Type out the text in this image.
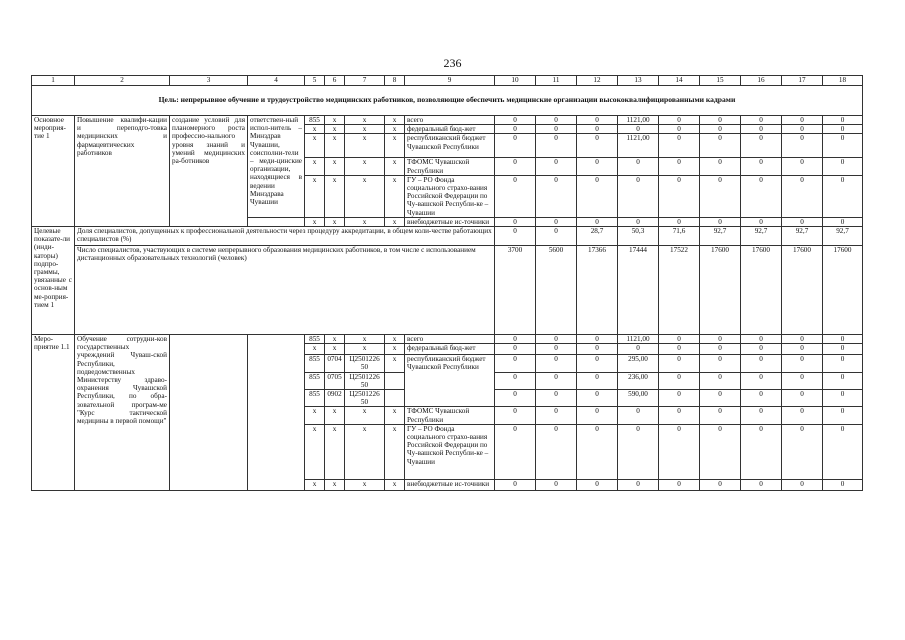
236
1	2	3	4	5	6	7	8	9	10	11	12	13	14	15	16	17	18
Цель: непрерывное обучение и трудоустройство медицинских работников, позволяющие обеспечить медицинские организации высококвалифицированными кадрами																	
Основное мероприя-тие 1	Повышение квалифи-кации и переподго-товка медицинских и фармацевтических работников	создание условий для планомерного роста профессио-нального уровня знаний и умений медицинских ра-ботников	ответствен-ный испол-нитель – Минздрав Чувашии, соисполни-тели – меди-цинские организации, находящиеся в ведении Минздрава Чувашии	855	x	x	x	всего	0	0	0	1121,00	0	0	0	0	0
				x	x	x	x	федеральный бюд-жет	0	0	0	0	0	0	0	0	0
				x	x	x	x	республиканский бюджет Чувашской Республики	0	0	0	1121,00	0	0	0	0	0
				x	x	x	x	ТФОМС Чувашской Республики	0	0	0	0	0	0	0	0	0
				x	x	x	x	ГУ – РО Фонда социального страхо-вания Российской Федерации по Чу-вашской Республи-ке – Чувашии	0	0	0	0	0	0	0	0	0
				x	x	x	x	внебюджетные ис-точники	0	0	0	0	0	0	0	0	0
Целевые показате-ли (инди-каторы) подпро-граммы, увязанные с основ-ным ме-роприя-тием 1	Доля специалистов, допущенных к профессиональной деятельности через процедуру аккредитации, в общем коли-честве работающих специалистов (%)								0	0	28,7	50,3	71,6	92,7	92,7	92,7	92,7
	Число специалистов, участвующих в системе непрерывного образования медицинских работников, в том числе с использованием дистанционных образовательных технологий (человек)								3700	5600	17366	17444	17522	17600	17600	17600	17600
Меро-приятие 1.1	Обучение сотрудни-ков государственных учреждений Чуваш-ской Республики, подведомственных Министерству здраво-охранения Чувашской Республики, по обра-зовательной програм-ме "Курс тактической медицины в первой помощи"			855	x	x	x	всего	0	0	0	1121,00	0	0	0	0	0
				x	x	x	x	федеральный бюд-жет	0	0	0	0	0	0	0	0	0
				855	0704	Ц2501226 50	x	республиканский бюджет Чувашской Республики	0	0	0	295,00	0	0	0	0	0
				855	0705	Ц2501226 50			0	0	0	236,00	0	0	0	0	0
				855	0902	Ц2501226 50			0	0	0	590,00	0	0	0	0	0
				x	x	x	x	ТФОМС Чувашской Республики	0	0	0	0	0	0	0	0	0
				x	x	x	x	ГУ – РО Фонда социального страхо-вания Российской Федерации по Чу-вашской Республи-ке – Чувашии	0	0	0	0	0	0	0	0	0
				x	x	x	x	внебюджетные ис-точники	0	0	0	0	0	0	0	0	0
